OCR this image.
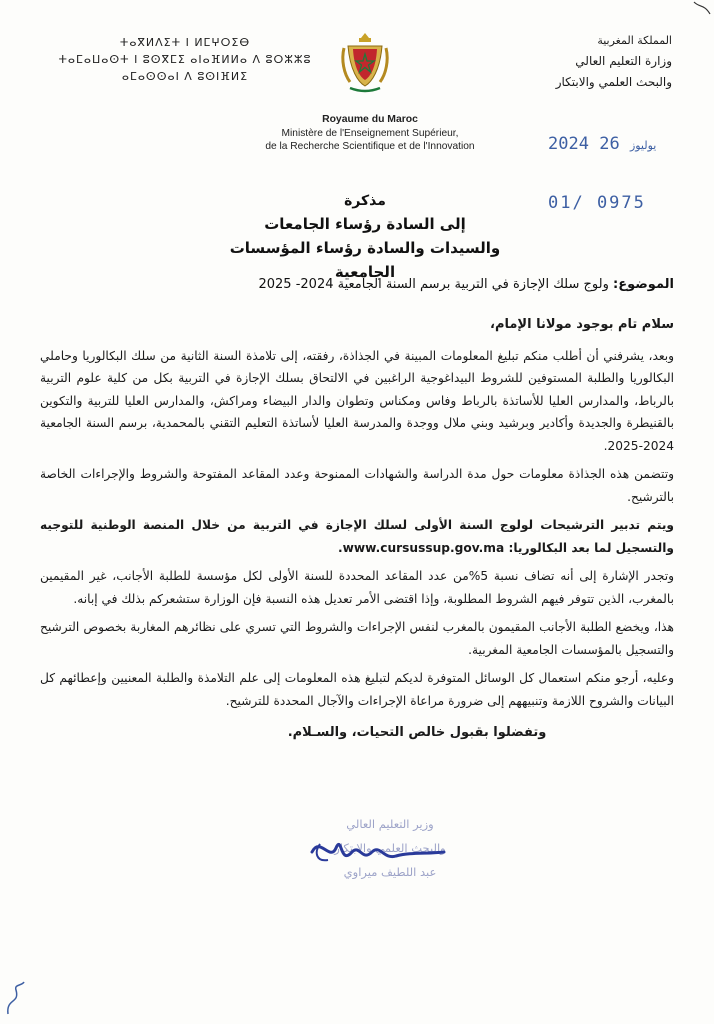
ⵜⴰⴳⵍⴷⵉⵜ ⵏ ⵍⵎⵖⵔⵉⴱ
ⵜⴰⵎⴰⵡⴰⵙⵜ ⵏ ⵓⵙⴳⵎⵉ ⴰⵏⴰⴼⵍⵍⴰ ⴷ ⵓⵔⵣⵣⵓ
ⴰⵎⴰⵙⵙⴰⵏ ⴷ ⵓⵙⵏⴼⵍⵉ
المملكة المغربية
وزارة التعليم العالي
والبحث العلمي والابتكار
Royaume du Maroc
Ministère de l'Enseignement Supérieur,
de la Recherche Scientifique et de l'Innovation	2024	يوليوز 26
01/ 0975
مذكرة
إلى السادة رؤساء الجامعات
والسيدات والسادة رؤساء المؤسسات الجامعية
الموضوع: ولوج سلك الإجازة في التربية برسم السنة الجامعية 2024- 2025

سلام تام بوجود مولانا الإمام،

وبعد، يشرفني أن أطلب منكم تبليغ المعلومات المبينة في الجذاذة، رفقته، إلى تلامذة السنة الثانية من سلك البكالوريا وحاملي البكالوريا والطلبة المستوفين للشروط البيداغوجية الراغبين في الالتحاق بسلك الإجازة في التربية بكل من كلية علوم التربية بالرباط، والمدارس العليا للأساتذة بالرباط وفاس ومكناس وتطوان والدار البيضاء ومراكش، والمدارس العليا للتربية والتكوين بالقنيطرة والجديدة وأكادير وبرشيد وبني ملال ووجدة والمدرسة العليا لأساتذة التعليم التقني بالمحمدية، برسم السنة الجامعية 2024-2025.

وتتضمن هذه الجذاذة معلومات حول مدة الدراسة والشهادات الممنوحة وعدد المقاعد المفتوحة والشروط والإجراءات الخاصة بالترشيح.

ويتم تدبير الترشيحات لولوج السنة الأولى لسلك الإجازة في التربية من خلال المنصة الوطنية للتوجيه والتسجيل لما بعد البكالوريا: www.cursussup.gov.ma.

وتجدر الإشارة إلى أنه تضاف نسبة 5%من عدد المقاعد المحددة للسنة الأولى لكل مؤسسة للطلبة الأجانب، غير المقيمين بالمغرب، الذين تتوفر فيهم الشروط المطلوبة، وإذا اقتضى الأمر تعديل هذه النسبة فإن الوزارة ستشعركم بذلك في إبانه.

هذا، ويخضع الطلبة الأجانب المقيمون بالمغرب لنفس الإجراءات والشروط التي تسري على نظائرهم المغاربة بخصوص الترشيح والتسجيل بالمؤسسات الجامعية المغربية.

وعليه، أرجو منكم استعمال كل الوسائل المتوفرة لديكم لتبليغ هذه المعلومات إلى علم التلامذة والطلبة المعنيين وإعطائهم كل البيانات والشروح اللازمة وتنبيههم إلى ضرورة مراعاة الإجراءات والآجال المحددة للترشيح.

وتفضلوا بقبول خالص التحيات، والسـلام.

وزير التعليم العالي
والبحث العلمي والابتكار
عبد اللطيف ميراوي
